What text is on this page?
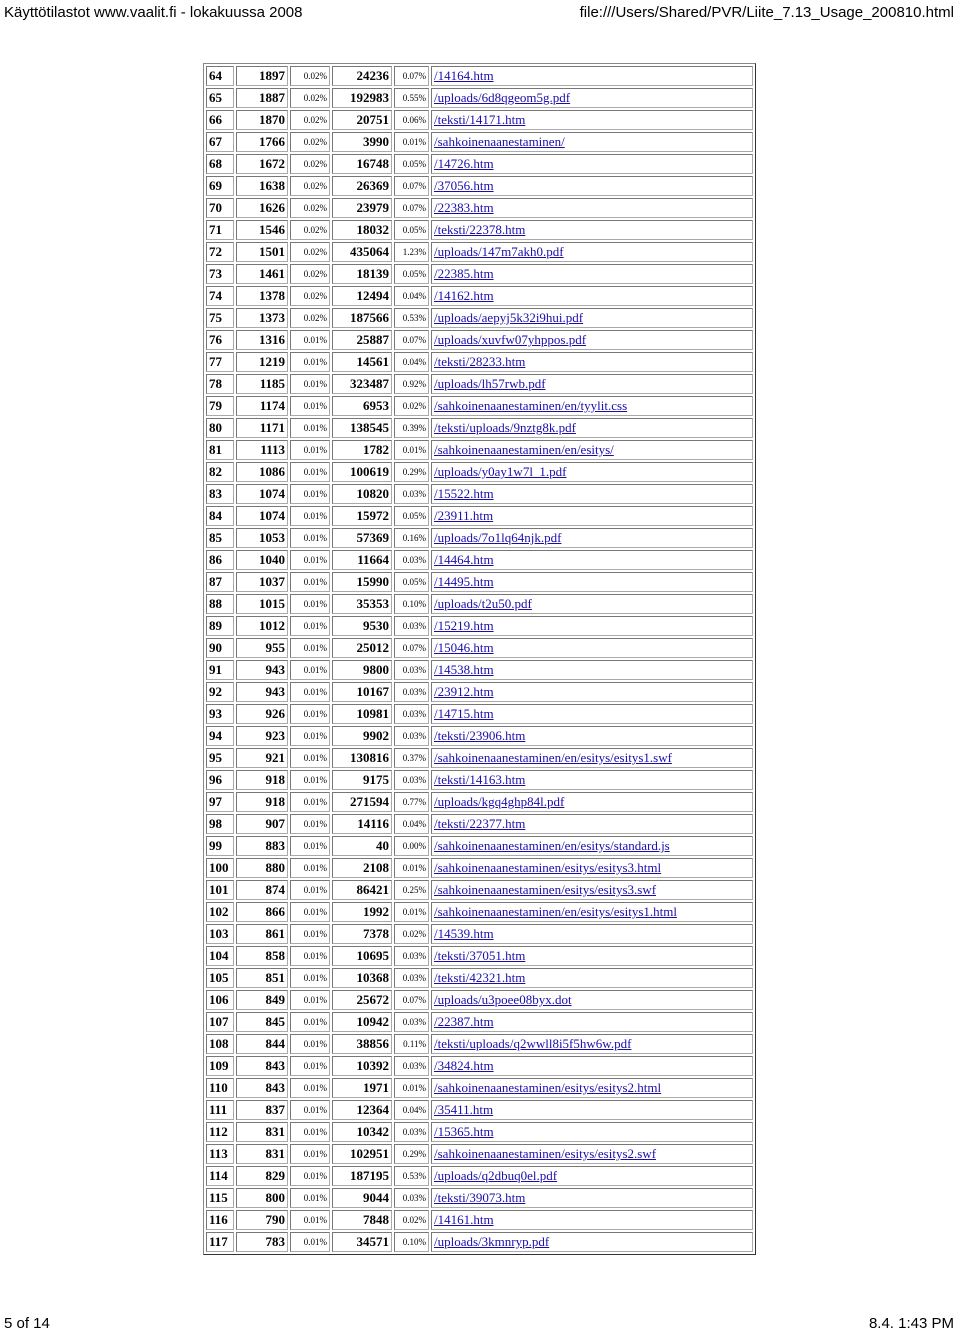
Käyttötilastot www.vaalit.fi - lokakuussa 2008	file:///Users/Shared/PVR/Liite_7.13_Usage_200810.html
64	1897	0.02%	24236	0.07%	/14164.htm
65	1887	0.02%	192983	0.55%	/uploads/6d8qgeom5g.pdf
66	1870	0.02%	20751	0.06%	/teksti/14171.htm
67	1766	0.02%	3990	0.01%	/sahkoinenaanestaminen/
68	1672	0.02%	16748	0.05%	/14726.htm
69	1638	0.02%	26369	0.07%	/37056.htm
70	1626	0.02%	23979	0.07%	/22383.htm
71	1546	0.02%	18032	0.05%	/teksti/22378.htm
72	1501	0.02%	435064	1.23%	/uploads/147m7akh0.pdf
73	1461	0.02%	18139	0.05%	/22385.htm
74	1378	0.02%	12494	0.04%	/14162.htm
75	1373	0.02%	187566	0.53%	/uploads/aepyj5k32i9hui.pdf
76	1316	0.01%	25887	0.07%	/uploads/xuvfw07yhppos.pdf
77	1219	0.01%	14561	0.04%	/teksti/28233.htm
78	1185	0.01%	323487	0.92%	/uploads/lh57rwb.pdf
79	1174	0.01%	6953	0.02%	/sahkoinenaanestaminen/en/tyylit.css
80	1171	0.01%	138545	0.39%	/teksti/uploads/9nztg8k.pdf
81	1113	0.01%	1782	0.01%	/sahkoinenaanestaminen/en/esitys/
82	1086	0.01%	100619	0.29%	/uploads/y0ay1w7l_1.pdf
83	1074	0.01%	10820	0.03%	/15522.htm
84	1074	0.01%	15972	0.05%	/23911.htm
85	1053	0.01%	57369	0.16%	/uploads/7o1lq64njk.pdf
86	1040	0.01%	11664	0.03%	/14464.htm
87	1037	0.01%	15990	0.05%	/14495.htm
88	1015	0.01%	35353	0.10%	/uploads/t2u50.pdf
89	1012	0.01%	9530	0.03%	/15219.htm
90	955	0.01%	25012	0.07%	/15046.htm
91	943	0.01%	9800	0.03%	/14538.htm
92	943	0.01%	10167	0.03%	/23912.htm
93	926	0.01%	10981	0.03%	/14715.htm
94	923	0.01%	9902	0.03%	/teksti/23906.htm
95	921	0.01%	130816	0.37%	/sahkoinenaanestaminen/en/esitys/esitys1.swf
96	918	0.01%	9175	0.03%	/teksti/14163.htm
97	918	0.01%	271594	0.77%	/uploads/kgq4ghp84l.pdf
98	907	0.01%	14116	0.04%	/teksti/22377.htm
99	883	0.01%	40	0.00%	/sahkoinenaanestaminen/en/esitys/standard.js
100	880	0.01%	2108	0.01%	/sahkoinenaanestaminen/esitys/esitys3.html
101	874	0.01%	86421	0.25%	/sahkoinenaanestaminen/esitys/esitys3.swf
102	866	0.01%	1992	0.01%	/sahkoinenaanestaminen/en/esitys/esitys1.html
103	861	0.01%	7378	0.02%	/14539.htm
104	858	0.01%	10695	0.03%	/teksti/37051.htm
105	851	0.01%	10368	0.03%	/teksti/42321.htm
106	849	0.01%	25672	0.07%	/uploads/u3poee08byx.dot
107	845	0.01%	10942	0.03%	/22387.htm
108	844	0.01%	38856	0.11%	/teksti/uploads/q2wwll8i5f5hw6w.pdf
109	843	0.01%	10392	0.03%	/34824.htm
110	843	0.01%	1971	0.01%	/sahkoinenaanestaminen/esitys/esitys2.html
111	837	0.01%	12364	0.04%	/35411.htm
112	831	0.01%	10342	0.03%	/15365.htm
113	831	0.01%	102951	0.29%	/sahkoinenaanestaminen/esitys/esitys2.swf
114	829	0.01%	187195	0.53%	/uploads/q2dbuq0el.pdf
115	800	0.01%	9044	0.03%	/teksti/39073.htm
116	790	0.01%	7848	0.02%	/14161.htm
117	783	0.01%	34571	0.10%	/uploads/3kmnryp.pdf
5 of 14	8.4. 1:43 PM
